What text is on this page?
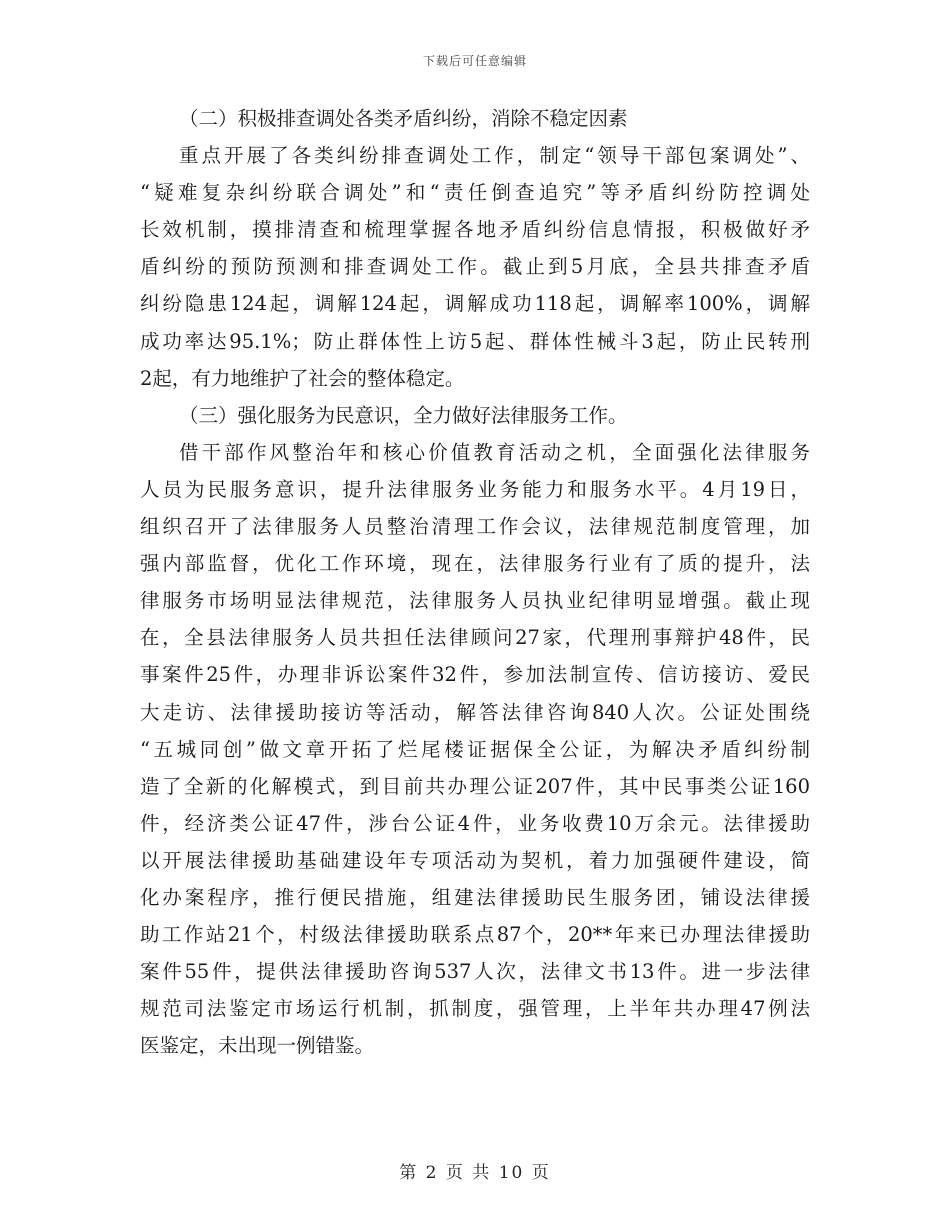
下载后可任意编辑
（二）积极排查调处各类矛盾纠纷，消除不稳定因素
重点开展了各类纠纷排查调处工作，制定“领导干部包案调处”、
“疑难复杂纠纷联合调处”和“责任倒查追究”等矛盾纠纷防控调处
长效机制，摸排清查和梳理掌握各地矛盾纠纷信息情报，积极做好矛
盾纠纷的预防预测和排查调处工作。截止到5月底，全县共排查矛盾
纠纷隐患124起，调解124起，调解成功118起，调解率100%，调解
成功率达95.1%；防止群体性上访5起、群体性械斗3起，防止民转刑
2起，有力地维护了社会的整体稳定。
（三）强化服务为民意识，全力做好法律服务工作。
借干部作风整治年和核心价值教育活动之机，全面强化法律服务
人员为民服务意识，提升法律服务业务能力和服务水平。4月19日，
组织召开了法律服务人员整治清理工作会议，法律规范制度管理，加
强内部监督，优化工作环境，现在，法律服务行业有了质的提升，法
律服务市场明显法律规范，法律服务人员执业纪律明显增强。截止现
在，全县法律服务人员共担任法律顾问27家，代理刑事辩护48件，民
事案件25件，办理非诉讼案件32件，参加法制宣传、信访接访、爱民
大走访、法律援助接访等活动，解答法律咨询840人次。公证处围绕
“五城同创”做文章开拓了烂尾楼证据保全公证，为解决矛盾纠纷制
造了全新的化解模式，到目前共办理公证207件，其中民事类公证160
件，经济类公证47件，涉台公证4件，业务收费10万余元。法律援助
以开展法律援助基础建设年专项活动为契机，着力加强硬件建设，简
化办案程序，推行便民措施，组建法律援助民生服务团，铺设法律援
助工作站21个，村级法律援助联系点87个，20**年来已办理法律援助
案件55件，提供法律援助咨询537人次，法律文书13件。进一步法律
规范司法鉴定市场运行机制，抓制度，强管理，上半年共办理47例法
医鉴定，未出现一例错鉴。
第 2 页 共 10 页
